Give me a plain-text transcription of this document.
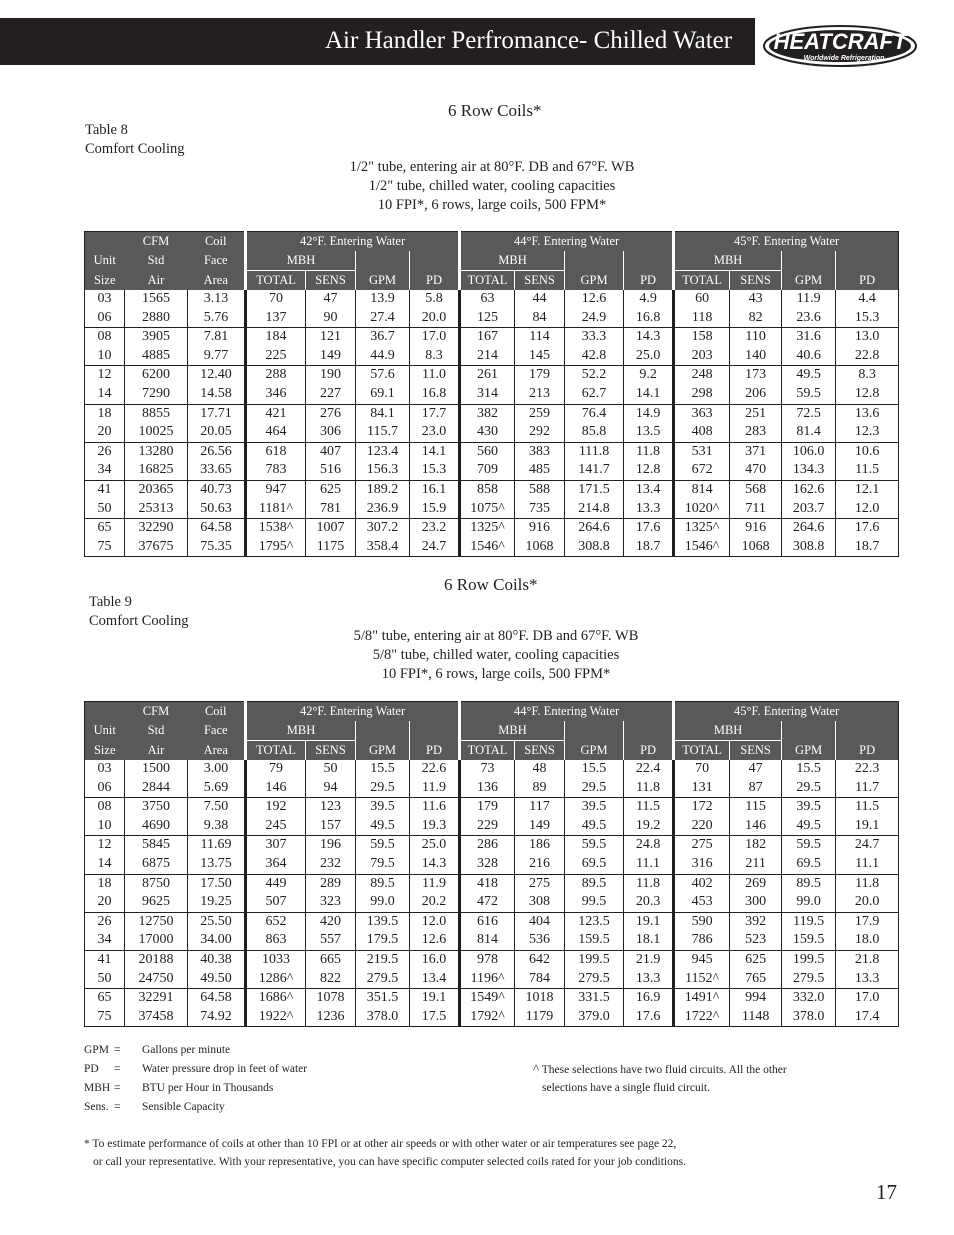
Air Handler Perfromance- Chilled Water HEATCRAFT
Worldwide Refrigeration
6 Row Coils*
Table 8
Comfort Cooling
1/2" tube, entering air at 80°F. DB and 67°F. WB
1/2" tube, chilled water, cooling capacities
10 FPI*, 6 rows, large coils, 500 FPM*
	CFM	Coil	42°F. Entering Water				44°F. Entering Water				45°F. Entering Water			
Unit	Std	Face	MBH				MBH				MBH			
Size	Air	Area	TOTAL	SENS	GPM	PD	TOTAL	SENS	GPM	PD	TOTAL	SENS	GPM	PD
03	1565	3.13	70	47	13.9	5.8	63	44	12.6	4.9	60	43	11.9	4.4
06	2880	5.76	137	90	27.4	20.0	125	84	24.9	16.8	118	82	23.6	15.3
08	3905	7.81	184	121	36.7	17.0	167	114	33.3	14.3	158	110	31.6	13.0
10	4885	9.77	225	149	44.9	8.3	214	145	42.8	25.0	203	140	40.6	22.8
12	6200	12.40	288	190	57.6	11.0	261	179	52.2	9.2	248	173	49.5	8.3
14	7290	14.58	346	227	69.1	16.8	314	213	62.7	14.1	298	206	59.5	12.8
18	8855	17.71	421	276	84.1	17.7	382	259	76.4	14.9	363	251	72.5	13.6
20	10025	20.05	464	306	115.7	23.0	430	292	85.8	13.5	408	283	81.4	12.3
26	13280	26.56	618	407	123.4	14.1	560	383	111.8	11.8	531	371	106.0	10.6
34	16825	33.65	783	516	156.3	15.3	709	485	141.7	12.8	672	470	134.3	11.5
41	20365	40.73	947	625	189.2	16.1	858	588	171.5	13.4	814	568	162.6	12.1
50	25313	50.63	1181^	781	236.9	15.9	1075^	735	214.8	13.3	1020^	711	203.7	12.0
65	32290	64.58	1538^	1007	307.2	23.2	1325^	916	264.6	17.6	1325^	916	264.6	17.6
75	37675	75.35	1795^	1175	358.4	24.7	1546^	1068	308.8	18.7	1546^	1068	308.8	18.7
6 Row Coils*
Table 9
Comfort Cooling
5/8" tube, entering air at 80°F. DB and 67°F. WB
5/8" tube, chilled water, cooling capacities
10 FPI*, 6 rows, large coils, 500 FPM*
	CFM	Coil	42°F. Entering Water				44°F. Entering Water				45°F. Entering Water			
Unit	Std	Face	MBH				MBH				MBH			
Size	Air	Area	TOTAL	SENS	GPM	PD	TOTAL	SENS	GPM	PD	TOTAL	SENS	GPM	PD
03	1500	3.00	79	50	15.5	22.6	73	48	15.5	22.4	70	47	15.5	22.3
06	2844	5.69	146	94	29.5	11.9	136	89	29.5	11.8	131	87	29.5	11.7
08	3750	7.50	192	123	39.5	11.6	179	117	39.5	11.5	172	115	39.5	11.5
10	4690	9.38	245	157	49.5	19.3	229	149	49.5	19.2	220	146	49.5	19.1
12	5845	11.69	307	196	59.5	25.0	286	186	59.5	24.8	275	182	59.5	24.7
14	6875	13.75	364	232	79.5	14.3	328	216	69.5	11.1	316	211	69.5	11.1
18	8750	17.50	449	289	89.5	11.9	418	275	89.5	11.8	402	269	89.5	11.8
20	9625	19.25	507	323	99.0	20.2	472	308	99.5	20.3	453	300	99.0	20.0
26	12750	25.50	652	420	139.5	12.0	616	404	123.5	19.1	590	392	119.5	17.9
34	17000	34.00	863	557	179.5	12.6	814	536	159.5	18.1	786	523	159.5	18.0
41	20188	40.38	1033	665	219.5	16.0	978	642	199.5	21.9	945	625	199.5	21.8
50	24750	49.50	1286^	822	279.5	13.4	1196^	784	279.5	13.3	1152^	765	279.5	13.3
65	32291	64.58	1686^	1078	351.5	19.1	1549^	1018	331.5	16.9	1491^	994	332.0	17.0
75	37458	74.92	1922^	1236	378.0	17.5	1792^	1179	379.0	17.6	1722^	1148	378.0	17.4
GPM = Gallons per minute
PD = Water pressure drop in feet of water
MBH = BTU per Hour in Thousands
Sens. = Sensible Capacity
^ These selections have two fluid circuits. All the other
selections have a single fluid circuit.
* To estimate performance of coils at other than 10 FPI or at other air speeds or with other water or air temperatures see page 22,
or call your representative. With your representative, you can have specific computer selected coils rated for your job conditions.
17
